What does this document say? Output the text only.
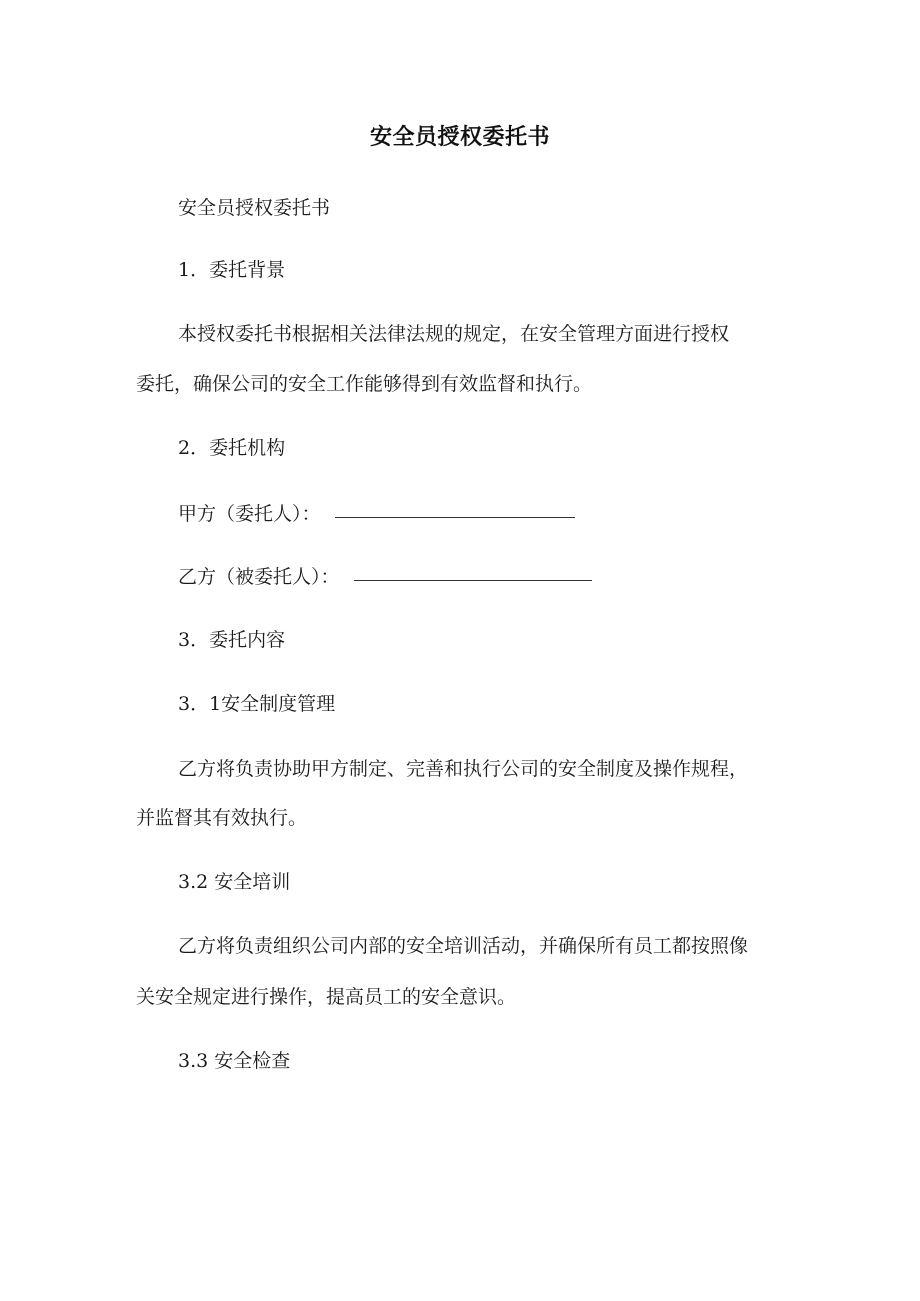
安全员授权委托书
安全员授权委托书
1．委托背景
本授权委托书根据相关法律法规的规定，在安全管理方面进行授权
委托，确保公司的安全工作能够得到有效监督和执行。
2．委托机构
甲方（委托人）：
乙方（被委托人）：
3．委托内容
3．1安全制度管理
乙方将负责协助甲方制定、完善和执行公司的安全制度及操作规程，
并监督其有效执行。
3.2 安全培训
乙方将负责组织公司内部的安全培训活动，并确保所有员工都按照像
关安全规定进行操作，提高员工的安全意识。
3.3 安全检查
